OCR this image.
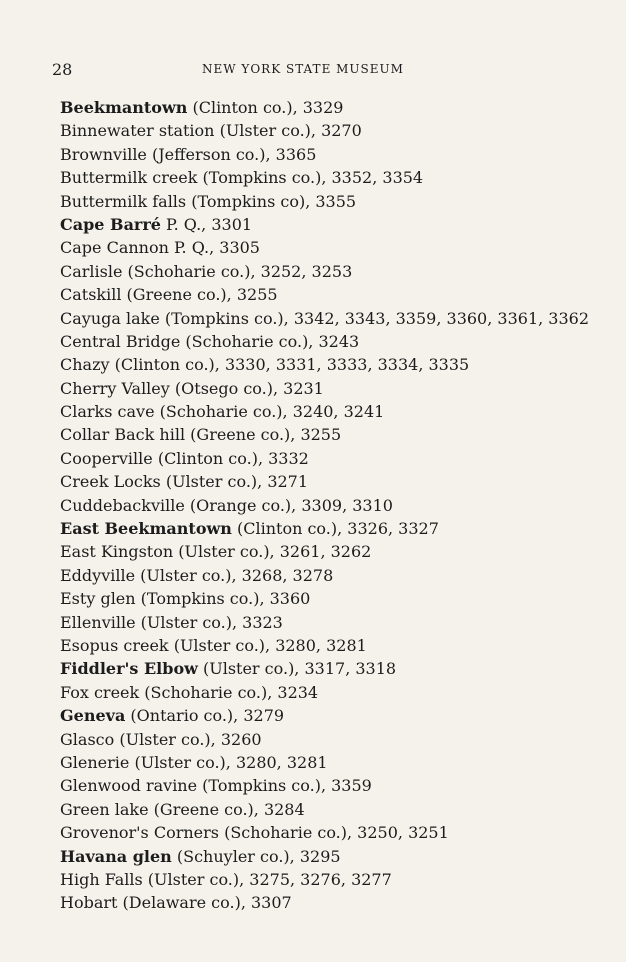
28	NEW YORK STATE MUSEUM
Beekmantown (Clinton co.), 3329
Binnewater station (Ulster co.), 3270
Brownville (Jefferson co.), 3365
Buttermilk creek (Tompkins co.), 3352, 3354
Buttermilk falls (Tompkins co), 3355
Cape Barré P. Q., 3301
Cape Cannon P. Q., 3305
Carlisle (Schoharie co.), 3252, 3253
Catskill (Greene co.), 3255
Cayuga lake (Tompkins co.), 3342, 3343, 3359, 3360, 3361, 3362
Central Bridge (Schoharie co.), 3243
Chazy (Clinton co.), 3330, 3331, 3333, 3334, 3335
Cherry Valley (Otsego co.), 3231
Clarks cave (Schoharie co.), 3240, 3241
Collar Back hill (Greene co.), 3255
Cooperville (Clinton co.), 3332
Creek Locks (Ulster co.), 3271
Cuddebackville (Orange co.), 3309, 3310
East Beekmantown (Clinton co.), 3326, 3327
East Kingston (Ulster co.), 3261, 3262
Eddyville (Ulster co.), 3268, 3278
Esty glen (Tompkins co.), 3360
Ellenville (Ulster co.), 3323
Esopus creek (Ulster co.), 3280, 3281
Fiddler's Elbow (Ulster co.), 3317, 3318
Fox creek (Schoharie co.), 3234
Geneva (Ontario co.), 3279
Glasco (Ulster co.), 3260
Glenerie (Ulster co.), 3280, 3281
Glenwood ravine (Tompkins co.), 3359
Green lake (Greene co.), 3284
Grovenor's Corners (Schoharie co.), 3250, 3251
Havana glen (Schuyler co.), 3295
High Falls (Ulster co.), 3275, 3276, 3277
Hobart (Delaware co.), 3307
